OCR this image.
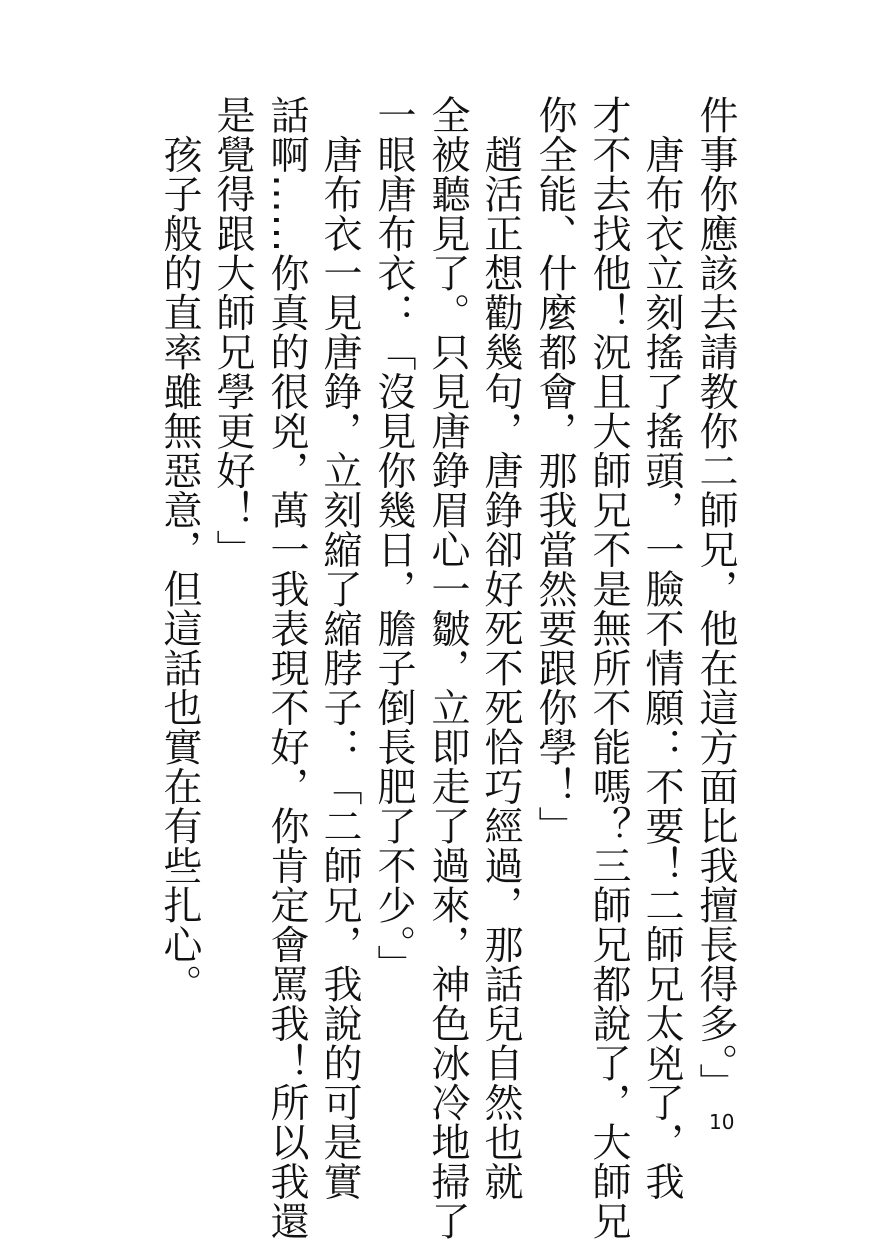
件事你應該去請教你二師兄，他在這方面比我擅長得多。」
　唐布衣立刻搖了搖頭，一臉不情願：不要！二師兄太兇了，我
才不去找他！況且大師兄不是無所不能嗎？三師兄都說了，大師兄
你全能、什麼都會，那我當然要跟你學！」
　趙活正想勸幾句，唐錚卻好死不死恰巧經過，那話兒自然也就
全被聽見了。只見唐錚眉心一皺，立即走了過來，神色冰冷地掃了
一眼唐布衣：「沒見你幾日，膽子倒長肥了不少。」
　唐布衣一見唐錚，立刻縮了縮脖子：「二師兄，我說的可是實
話啊……你真的很兇，萬一我表現不好，你肯定會罵我！所以我還
是覺得跟大師兄學更好！」
　孩子般的直率雖無惡意，但這話也實在有些扎心。
10
